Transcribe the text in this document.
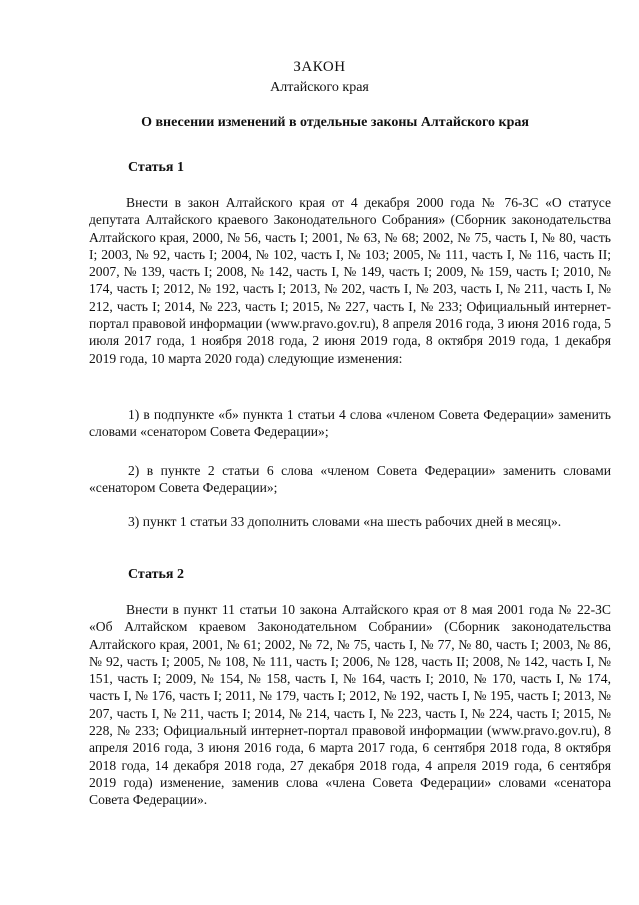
ЗАКОН

Алтайского края

О внесении изменений в отдельные законы Алтайского края

Статья 1

Внести в закон Алтайского края от 4 декабря 2000 года № 76-ЗС «О статусе депутата Алтайского краевого Законодательного Собрания» (Сборник законодательства Алтайского края, 2000, № 56, часть I; 2001, № 63, № 68; 2002, № 75, часть I, № 80, часть I; 2003, № 92, часть I; 2004, № 102, часть I, № 103; 2005, № 111, часть I, № 116, часть II; 2007, № 139, часть I; 2008, № 142, часть I, № 149, часть I; 2009, № 159, часть I; 2010, № 174, часть I; 2012, № 192, часть I; 2013, № 202, часть I, № 203, часть I, № 211, часть I, № 212, часть I; 2014, № 223, часть I; 2015, № 227, часть I, № 233; Официальный интернет-портал правовой информации (www.pravo.gov.ru), 8 апреля 2016 года, 3 июня 2016 года, 5 июля 2017 года, 1 ноября 2018 года, 2 июня 2019 года, 8 октября 2019 года, 1 декабря 2019 года, 10 марта 2020 года) следующие изменения:

1) в подпункте «б» пункта 1 статьи 4 слова «членом Совета Федерации» заменить словами «сенатором Совета Федерации»;

2) в пункте 2 статьи 6 слова «членом Совета Федерации» заменить словами «сенатором Совета Федерации»;

3) пункт 1 статьи 33 дополнить словами «на шесть рабочих дней в месяц».

Статья 2

Внести в пункт 11 статьи 10 закона Алтайского края от 8 мая 2001 года № 22-ЗС «Об Алтайском краевом Законодательном Собрании» (Сборник законодательства Алтайского края, 2001, № 61; 2002, № 72, № 75, часть I, № 77, № 80, часть I; 2003, № 86, № 92, часть I; 2005, № 108, № 111, часть I; 2006, № 128, часть II; 2008, № 142, часть I, № 151, часть I; 2009, № 154, № 158, часть I, № 164, часть I; 2010, № 170, часть I, № 174, часть I, № 176, часть I; 2011, № 179, часть I; 2012, № 192, часть I, № 195, часть I; 2013, № 207, часть I, № 211, часть I; 2014, № 214, часть I, № 223, часть I, № 224, часть I; 2015, № 228, № 233; Официальный интернет-портал правовой информации (www.pravo.gov.ru), 8 апреля 2016 года, 3 июня 2016 года, 6 марта 2017 года, 6 сентября 2018 года, 8 октября 2018 года, 14 декабря 2018 года, 27 декабря 2018 года, 4 апреля 2019 года, 6 сентября 2019 года) изменение, заменив слова «члена Совета Федерации» словами «сенатора Совета Федерации».
